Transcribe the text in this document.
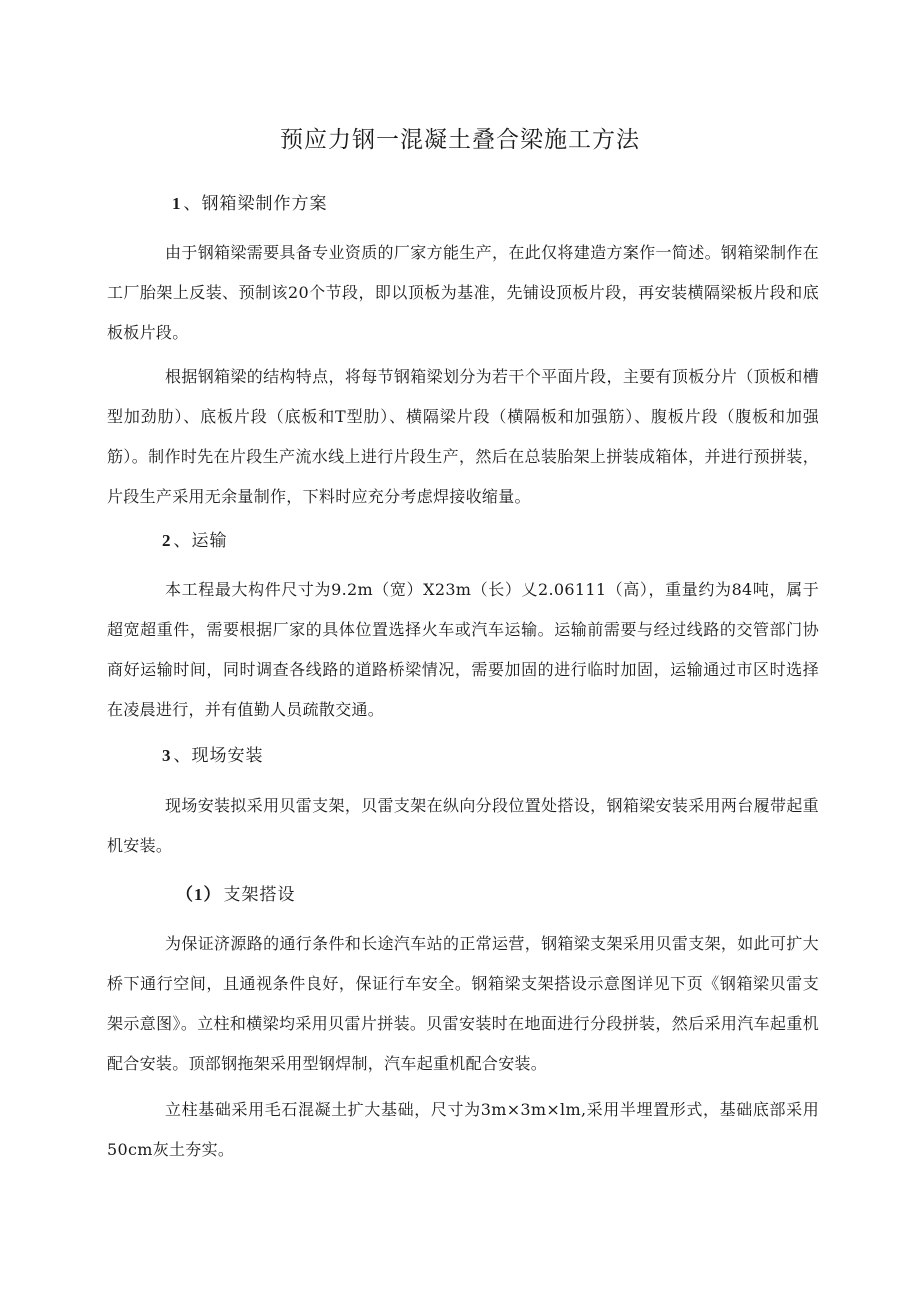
预应力钢一混凝土叠合梁施工方法
1 、钢箱梁制作方案

由于钢箱梁需要具备专业资质的厂家方能生产，在此仅将建造方案作一简述。钢箱梁制作在工厂胎架上反装、预制该20个节段，即以顶板为基准，先铺设顶板片段，再安装横隔梁板片段和底板板片段。

根据钢箱梁的结构特点，将每节钢箱梁划分为若干个平面片段，主要有顶板分片（顶板和槽型加劲肋）、底板片段（底板和T型肋）、横隔梁片段（横隔板和加强筋）、腹板片段（腹板和加强筋）。制作时先在片段生产流水线上进行片段生产，然后在总装胎架上拼装成箱体，并进行预拼装，片段生产采用无余量制作，下料时应充分考虑焊接收缩量。

2 、运输

本工程最大构件尺寸为9.2m（宽）X23m（长）乂2.06111（高），重量约为84吨，属于超宽超重件，需要根据厂家的具体位置选择火车或汽车运输。运输前需要与经过线路的交管部门协商好运输时间，同时调查各线路的道路桥梁情况，需要加固的进行临时加固，运输通过市区时选择在凌晨进行，并有值勤人员疏散交通。

3 、现场安装

现场安装拟采用贝雷支架，贝雷支架在纵向分段位置处搭设，钢箱梁安装采用两台履带起重机安装。

（1） 支架搭设

为保证济源路的通行条件和长途汽车站的正常运营，钢箱梁支架采用贝雷支架，如此可扩大桥下通行空间，且通视条件良好，保证行车安全。钢箱梁支架搭设示意图详见下页《钢箱梁贝雷支架示意图》。立柱和横梁均采用贝雷片拼装。贝雷安装时在地面进行分段拼装，然后采用汽车起重机配合安装。顶部钢拖架采用型钢焊制，汽车起重机配合安装。

立柱基础采用毛石混凝土扩大基础，尺寸为3m×3m×lm,采用半埋置形式，基础底部采用50cm灰土夯实。
